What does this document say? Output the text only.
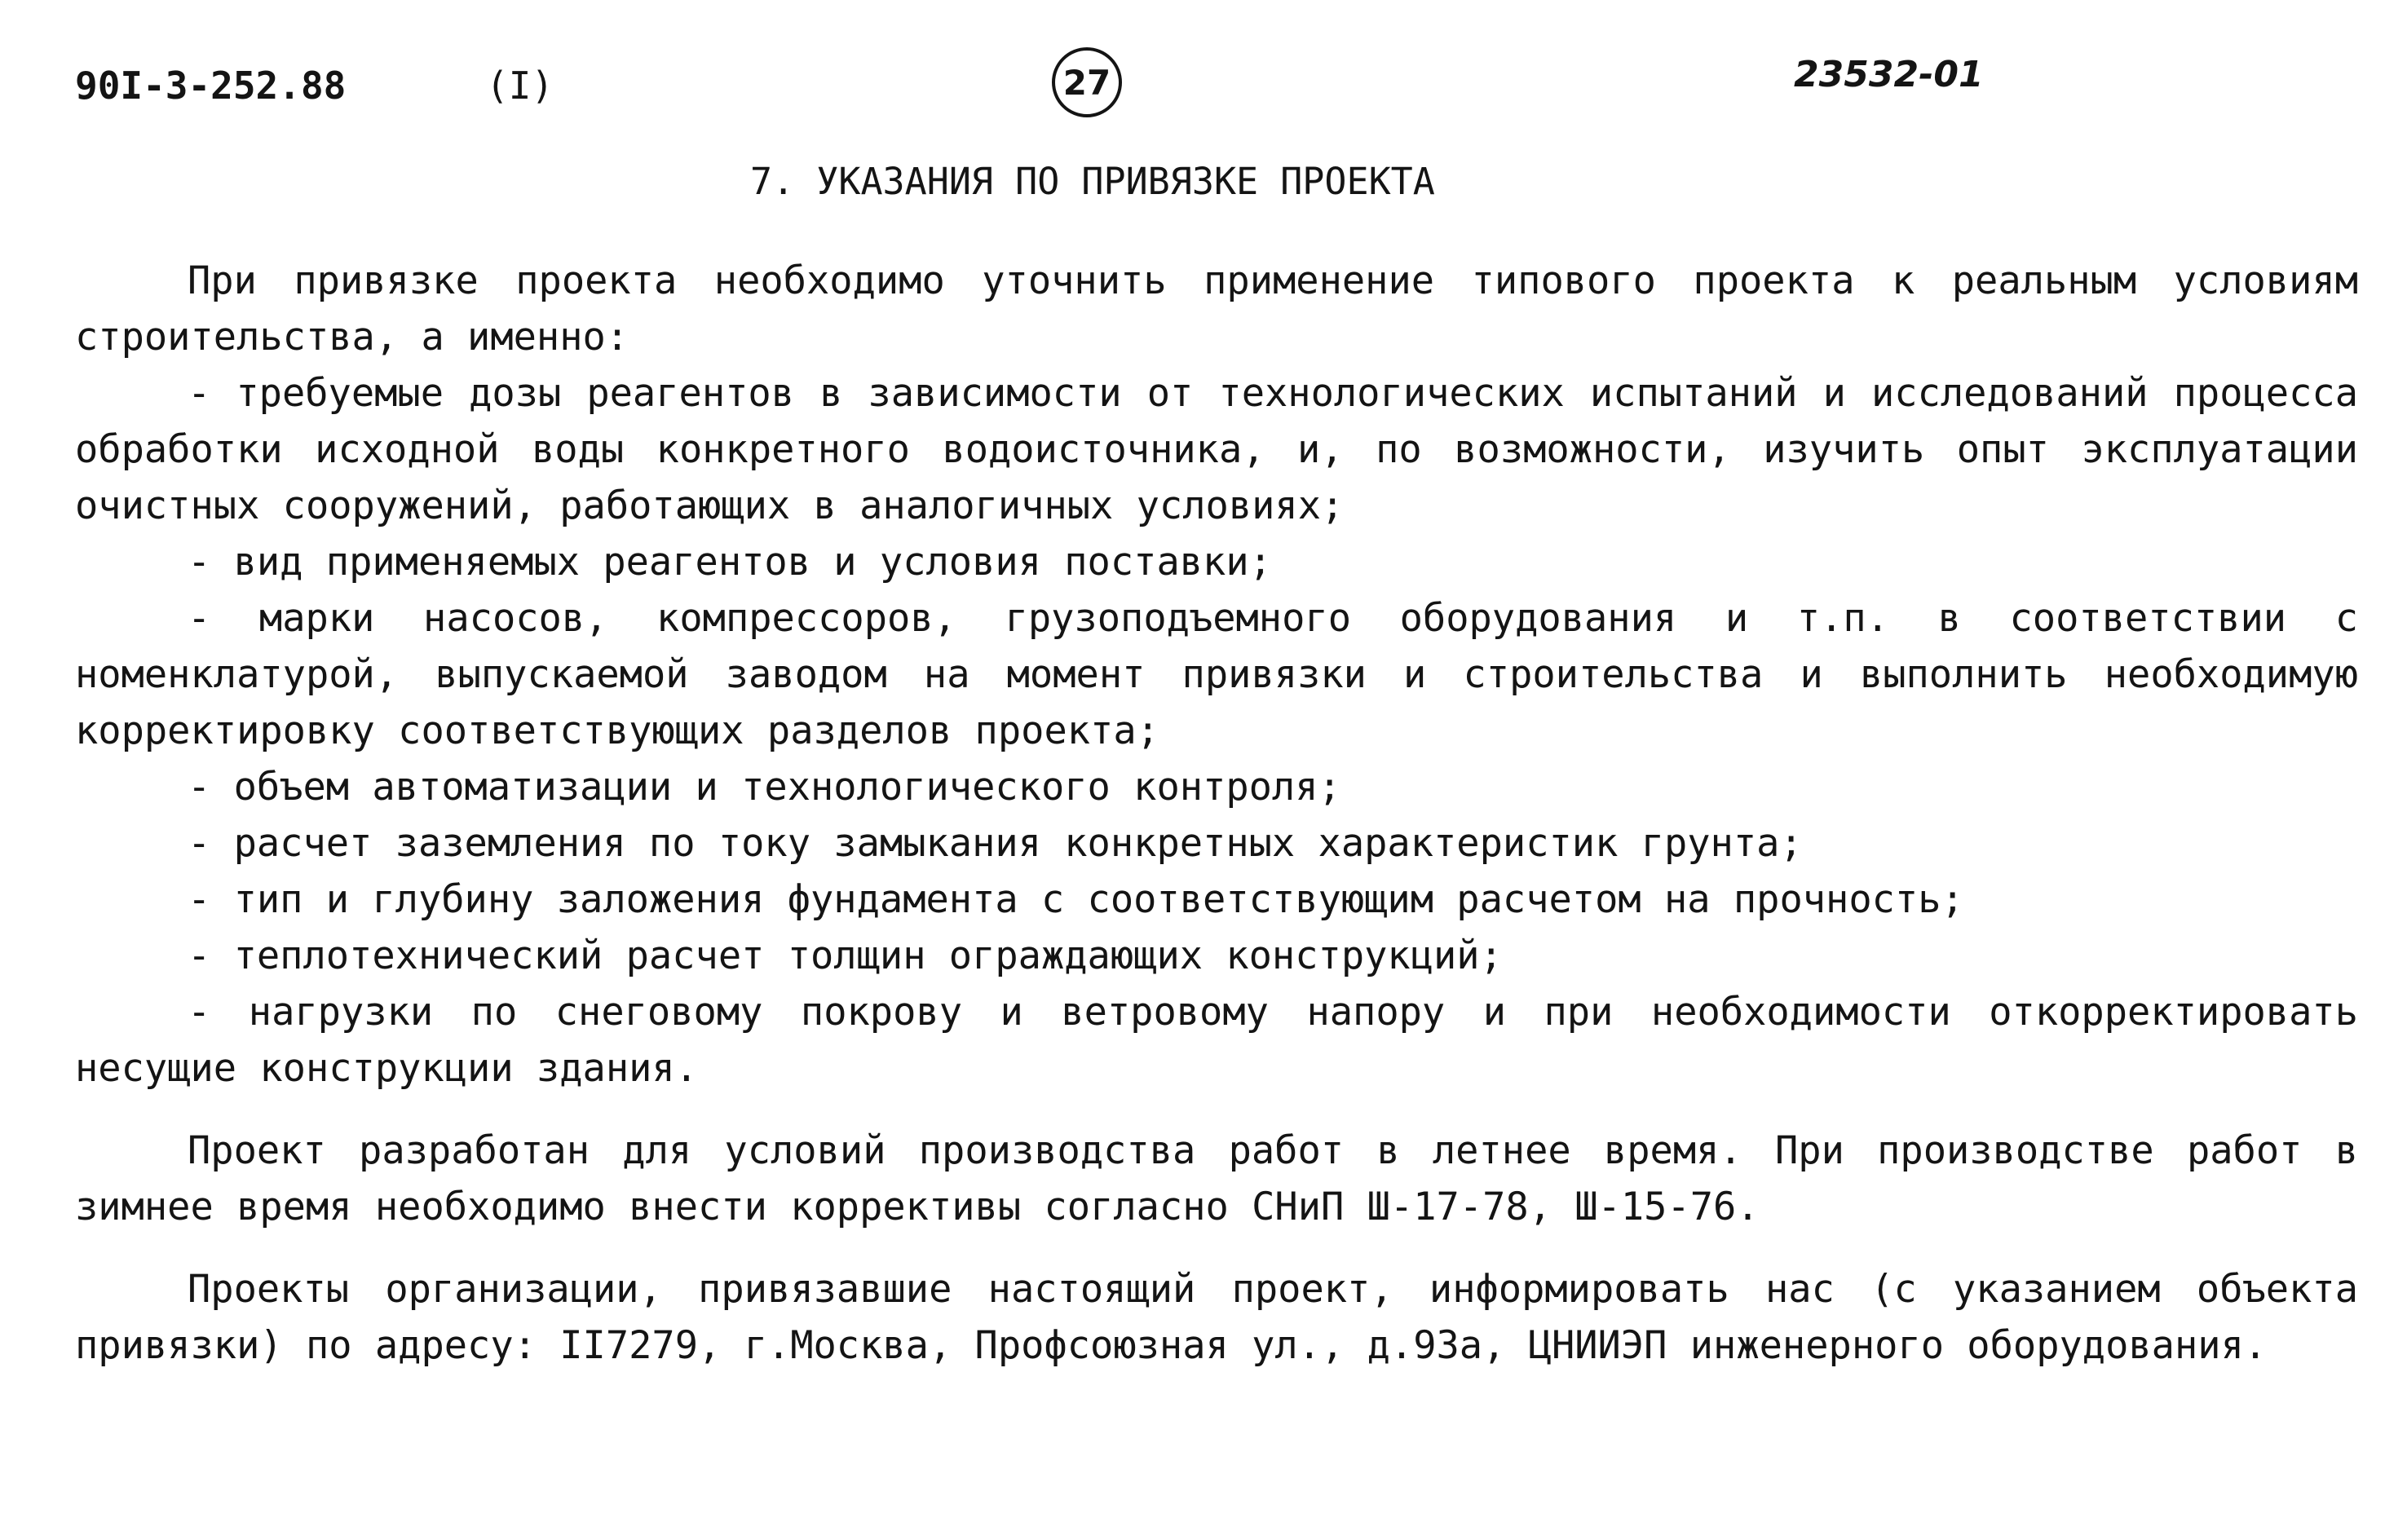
90I-3-252.88	(I)	27	23532-01
7. УКАЗАНИЯ ПО ПРИВЯЗКЕ ПРОЕКТА

При привязке проекта необходимо уточнить применение типового проекта к реальным условиям строительства, а именно:

- требуемые дозы реагентов в зависимости от технологических испытаний и исследований процесса обработки исходной воды конкретного водоисточника, и, по возможности, изучить опыт эксплуатации очистных сооружений, работающих в аналогичных условиях;

- вид применяемых реагентов и условия поставки;

- марки насосов, компрессоров, грузоподъемного оборудования и т.п. в соответствии с номенклатурой, выпускаемой заводом на момент привязки и строительства и выполнить необходимую корректировку соответствующих разделов проекта;

- объем автоматизации и технологического контроля;

- расчет заземления по току замыкания конкретных характеристик грунта;

- тип и глубину заложения фундамента с соответствующим расчетом на прочность;

- теплотехнический расчет толщин ограждающих конструкций;

- нагрузки по снеговому покрову и ветровому напору и при необходимости откорректировать несущие конструкции здания.

Проект разработан для условий производства работ в летнее время. При производстве работ в зимнее время необходимо внести коррективы согласно СНиП Ш-17-78, Ш-15-76.

Проекты организации, привязавшие настоящий проект, информировать нас (с указанием объекта привязки) по адресу: II7279, г.Москва, Профсоюзная ул., д.93а, ЦНИИЭП инженерного оборудования.
